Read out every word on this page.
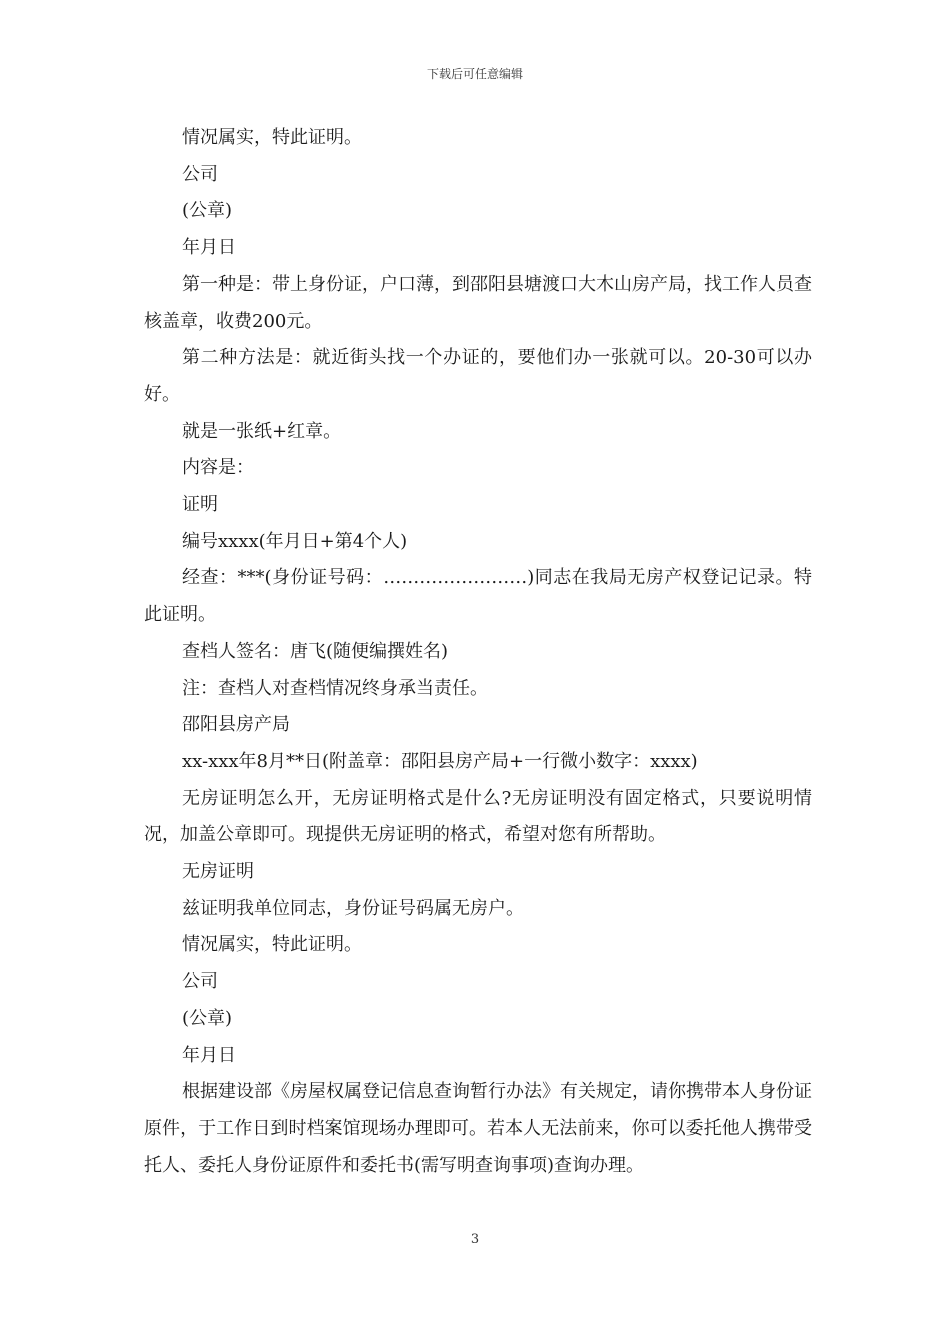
下载后可任意编辑

情况属实，特此证明。

公司

(公章)

年月日

第一种是：带上身份证，户口薄，到邵阳县塘渡口大木山房产局，找工作人员查核盖章，收费200元。

第二种方法是：就近街头找一个办证的，要他们办一张就可以。20-30可以办好。

就是一张纸+红章。

内容是：

证明

编号xxxx(年月日+第4个人)

经查：***(身份证号码：……………………)同志在我局无房产权登记记录。特此证明。

查档人签名：唐飞(随便编撰姓名)

注：查档人对查档情况终身承当责任。

邵阳县房产局

xx-xxx年8月**日(附盖章：邵阳县房产局+一行微小数字：xxxx)

无房证明怎么开，无房证明格式是什么?无房证明没有固定格式，只要说明情况，加盖公章即可。现提供无房证明的格式，希望对您有所帮助。

无房证明

兹证明我单位同志，身份证号码属无房户。

情况属实，特此证明。

公司

(公章)

年月日

根据建设部《房屋权属登记信息查询暂行办法》有关规定，请你携带本人身份证原件，于工作日到时档案馆现场办理即可。若本人无法前来，你可以委托他人携带受托人、委托人身份证原件和委托书(需写明查询事项)查询办理。

3
